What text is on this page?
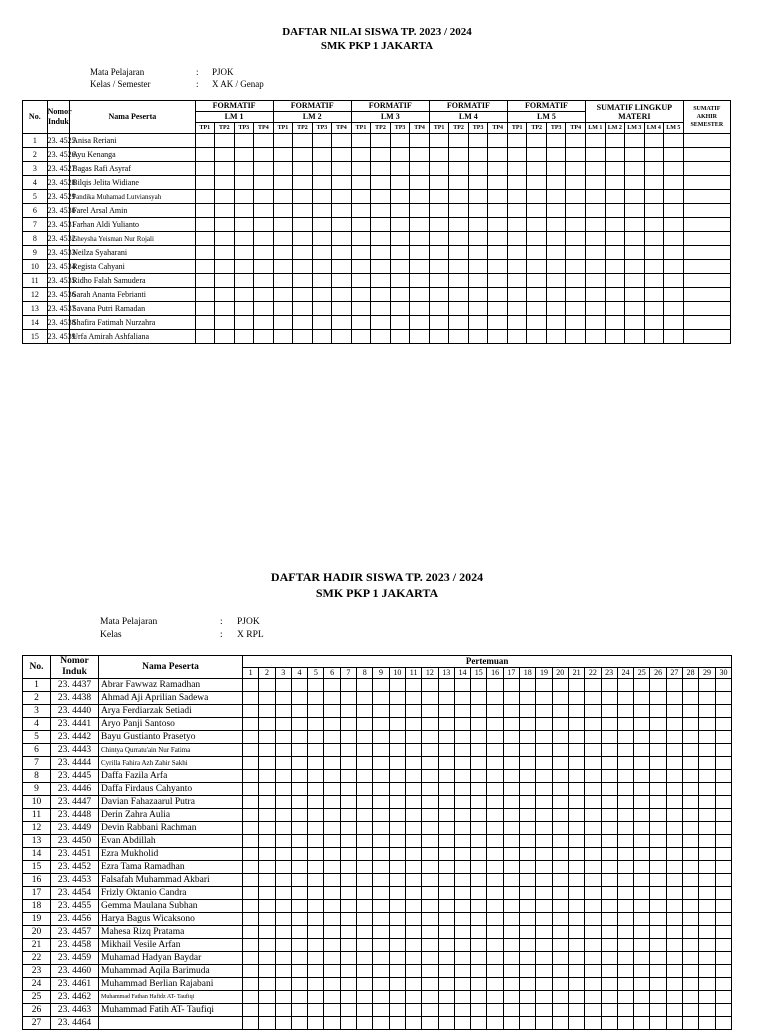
DAFTAR NILAI SISWA TP. 2023 / 2024
SMK PKP 1 JAKARTA
Mata Pelajaran	:	PJOK
Kelas / Semester	:	X AK / Genap
No.	Nomor Induk	Nama Peserta	FORMATIF				FORMATIF				FORMATIF				FORMATIF				FORMATIF				SUMATIF LINGKUP MATERI					SUMATIF AKHIR SEMESTER
			LM 1				LM 2				LM 3				LM 4				LM 5									
			TP1	TP2	TP3	TP4	TP1	TP2	TP3	TP4	TP1	TP2	TP3	TP4	TP1	TP2	TP3	TP4	TP1	TP2	TP3	TP4	LM 1	LM 2	LM 3	LM 4	LM 5	
1	23. 4525	Anisa Reriani																										
2	23. 4526	Ayu Kenanga																										
3	23. 4527	Bagas Rafi Asyraf																										
4	23. 4528	Bilqis Jelita Widiane																										
5	23. 4529	Fandika Muhamad Lutviansyah																										
6	23. 4530	Farel Arsal Amin																										
7	23. 4531	Farhan Aldi Yulianto																										
8	23. 4532	Gheysha Yeisman Nur Rojali																										
9	23. 4533	Neilza Syaharani																										
10	23. 4534	Regista Cahyani																										
11	23. 4535	Ridho Falah Samudera																										
12	23. 4536	Sarah Ananta Febrianti																										
13	23. 4537	Savana Putri Ramadan																										
14	23. 4538	Shafira Fatimah Nurzahra																										
15	23. 4539	Urfa Amirah Ashfaliana																										
DAFTAR HADIR SISWA TP. 2023 / 2024
SMK PKP 1 JAKARTA
Mata Pelajaran	:	PJOK
Kelas	:	X RPL
No.	Nomor Induk	Nama Peserta	Pertemuan																													
			1	2	3	4	5	6	7	8	9	10	11	12	13	14	15	16	17	18	19	20	21	22	23	24	25	26	27	28	29	30
1	23. 4437	Abrar Fawwaz Ramadhan																														
2	23. 4438	Ahmad Aji Aprilian Sadewa																														
3	23. 4440	Arya Ferdiarzak Setiadi																														
4	23. 4441	Aryo Panji Santoso																														
5	23. 4442	Bayu Gustianto Prasetyo																														
6	23. 4443	Chintya Qurratu'ain Nur Fatima																														
7	23. 4444	Cyrilla Fahira Azh Zahir Sakhi																														
8	23. 4445	Daffa Fazila Arfa																														
9	23. 4446	Daffa Firdaus Cahyanto																														
10	23. 4447	Davian Fahazaarul Putra																														
11	23. 4448	Derin Zahra Aulia																														
12	23. 4449	Devin Rabbani Rachman																														
13	23. 4450	Evan Abdillah																														
14	23. 4451	Ezra Mukholid																														
15	23. 4452	Ezra Tama Ramadhan																														
16	23. 4453	Falsafah Muhammad Akbari																														
17	23. 4454	Frizly Oktanio Candra																														
18	23. 4455	Gemma Maulana Subhan																														
19	23. 4456	Harya Bagus Wicaksono																														
20	23. 4457	Mahesa Rizq Pratama																														
21	23. 4458	Mikhail Vesile Arfan																														
22	23. 4459	Muhamad Hadyan Baydar																														
23	23. 4460	Muhammad Aqila Barimuda																														
24	23. 4461	Muhammad Berlian Rajabani																														
25	23. 4462	Muhammad Fathan Hafidz AT- Taufiqi																														
26	23. 4463	Muhammad Fatih AT- Taufiqi																														
27	23. 4464																															
